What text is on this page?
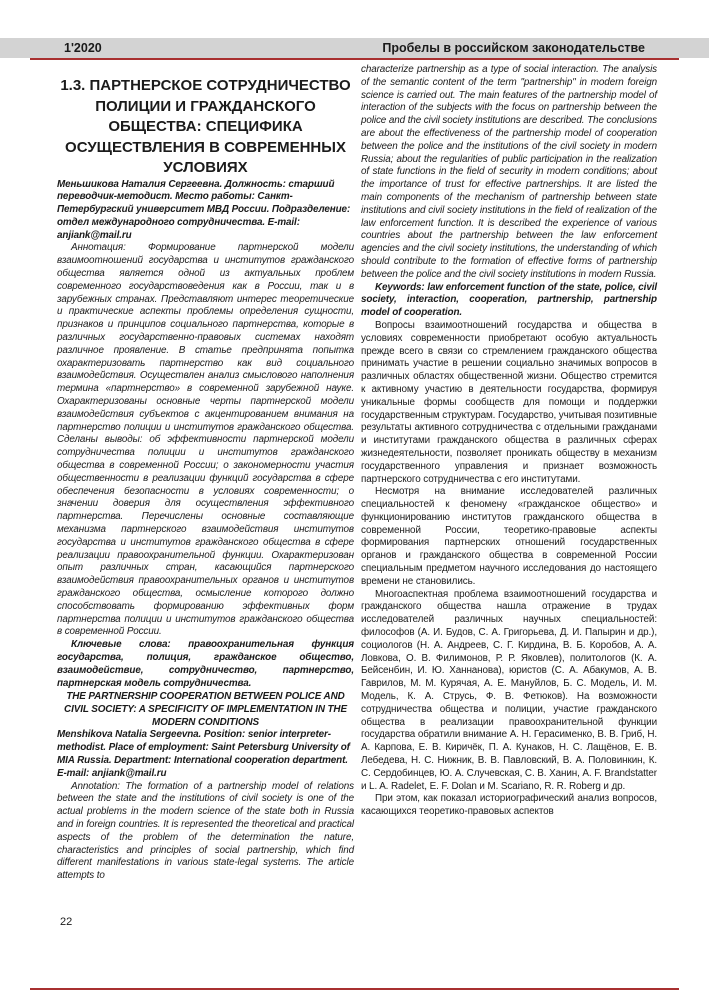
1'2020	Пробелы в российском законодательстве
1.3. ПАРТНЕРСКОЕ СОТРУДНИЧЕСТВО ПОЛИЦИИ И ГРАЖДАНСКОГО ОБЩЕСТВА: СПЕЦИФИКА ОСУЩЕСТВЛЕНИЯ В СОВРЕМЕННЫХ УСЛОВИЯХ

Меньшикова Наталия Сергеевна. Должность: старший переводчик-методист. Место работы: Санкт-Петербургский университет МВД России. Подразделение: отдел международного сотрудничества. E-mail: anjiank@mail.ru

Аннотация: Формирование партнерской модели взаимоотношений государства и институтов гражданского общества является одной из актуальных проблем современного государствоведения как в России, так и в зарубежных странах. Представляют интерес теоретические и практические аспекты проблемы определения сущности, признаков и принципов социального партнерства, которые в различных государственно-правовых системах находят различное проявление. В статье предпринята попытка охарактеризовать партнерство как вид социального взаимодействия. Осуществлен анализ смыслового наполнения термина «партнерство» в современной зарубежной науке. Охарактеризованы основные черты партнерской модели взаимодействия субъектов с акцентированием внимания на партнерство полиции и институтов гражданского общества. Сделаны выводы: об эффективности партнерской модели сотрудничества полиции и институтов гражданского общества в современной России; о закономерности участия общественности в реализации функций государства в сфере обеспечения безопасности в условиях современности; о значении доверия для осуществления эффективного партнерства. Перечислены основные составляющие механизма партнерского взаимодействия институтов государства и институтов гражданского общества в сфере реализации правоохранительной функции. Охарактеризован опыт различных стран, касающийся партнерского взаимодействия правоохранительных органов и институтов гражданского общества, осмысление которого должно способствовать формированию эффективных форм партнерства полиции и институтов гражданского общества в современной России.

Ключевые слова: правоохранительная функция государства, полиция, гражданское общество, взаимодействие, сотрудничество, партнерство, партнерская модель сотрудничества.

THE PARTNERSHIP COOPERATION BETWEEN POLICE AND CIVIL SOCIETY: A SPECIFICITY OF IMPLEMENTATION IN THE MODERN CONDITIONS

Menshikova Natalia Sergeevna. Position: senior interpreter-methodist. Place of employment: Saint Petersburg University of MIA Russia. Department: International cooperation department. E-mail: anjiank@mail.ru

Annotation: The formation of a partnership model of relations between the state and the institutions of civil society is one of the actual problems in the modern science of the state both in Russia and in foreign countries. It is represented the theoretical and practical aspects of the problem of the determination the nature, characteristics and principles of social partnership, which find different manifestations in various state-legal systems. The article attempts to

characterize partnership as a type of social interaction. The analysis of the semantic content of the term "partnership" in modern foreign science is carried out. The main features of the partnership model of interaction of the subjects with the focus on partnership between the police and the civil society institutions are described. The conclusions are about the effectiveness of the partnership model of cooperation between the police and the institutions of the civil society in modern Russia; about the regularities of public participation in the realization of state functions in the field of security in modern conditions; about the importance of trust for effective partnerships. It are listed the main components of the mechanism of partnership between state institutions and civil society institutions in the field of realization of the law enforcement function. It is described the experience of various countries about the partnership between the law enforcement agencies and the civil society institutions, the understanding of which should contribute to the formation of effective forms of partnership between the police and the civil society institutions in modern Russia.

Keywords: law enforcement function of the state, police, civil society, interaction, cooperation, partnership, partnership model of cooperation.

Вопросы взаимоотношений государства и общества в условиях современности приобретают особую актуальность прежде всего в связи со стремлением гражданского общества принимать участие в решении социально значимых вопросов в различных областях общественной жизни. Общество стремится к активному участию в деятельности государства, формируя уникальные формы сообществ для помощи и поддержки государственным структурам. Государство, учитывая позитивные результаты активного сотрудничества с отдельными гражданами и институтами гражданского общества в различных сферах жизнедеятельности, позволяет проникать обществу в механизм государственного управления и признает возможность партнерского сотрудничества с его институтами.

Несмотря на внимание исследователей различных специальностей к феномену «гражданское общество» и функционированию институтов гражданского общества в современной России, теоретико-правовые аспекты формирования партнерских отношений государственных органов и гражданского общества в современной России специальным предметом научного исследования до настоящего времени не становились.

Многоаспектная проблема взаимоотношений государства и гражданского общества нашла отражение в трудах исследователей различных научных специальностей: философов (А. И. Будов, С. А. Григорьева, Д. И. Папырин и др.), социологов (Н. А. Андреев, С. Г. Кирдина, В. Б. Коробов, А. А. Ловкова, О. В. Филимонов, Р. Р. Яковлев), политологов (К. А. Бейсенбин, И. Ю. Ханнанова), юристов (С. А. Абакумов, А. В. Гаврилов, М. М. Курячая, А. Е. Мануйлов, Б. С. Модель, И. М. Модель, К. А. Струсь, Ф. В. Фетюков). На возможности сотрудничества общества и полиции, участие гражданского общества в реализации правоохранительной функции государства обратили внимание А. Н. Герасименко, В. В. Гриб, Н. А. Карпова, Е. В. Киричёк, П. А. Кунаков, Н. С. Лащёнов, Е. В. Лебедева, Н. С. Нижник, В. В. Павловский, В. А. Половинкин, К. С. Сердобинцев, Ю. А. Случевская, С. В. Ханин, A. F. Brandstatter и L. A. Radelet, E. F. Dolan и M. Scariano, R. R. Roberg и др.

При этом, как показал историографический анализ вопросов, касающихся теоретико-правовых аспектов

22
